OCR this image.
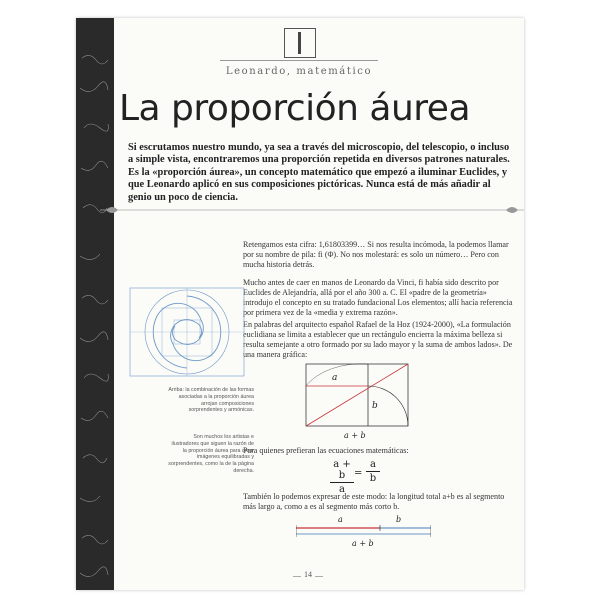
Leonardo, matemático
La proporción áurea
Si escrutamos nuestro mundo, ya sea a través del microscopio, del telescopio, o incluso a simple vista, encontraremos una proporción repetida en diversos patrones naturales. Es la «proporción áurea», un concepto matemático que empezó a iluminar Euclides, y que Leonardo aplicó en sus composiciones pictóricas. Nunca está de más añadir al genio un poco de ciencia.
Retengamos esta cifra: 1,61803399… Si nos resulta incómoda, la podemos llamar por su nombre de pila: fi (Φ). No nos molestará: es solo un número… Pero con mucha historia detrás.
Mucho antes de caer en manos de Leonardo da Vinci, fi había sido descrito por Euclides de Alejandría, allá por el año 300 a. C. El «padre de la geometría» introdujo el concepto en su tratado fundacional Los elementos; allí hacía referencia por primera vez de la «media y extrema razón».
En palabras del arquitecto español Rafael de la Hoz (1924-2000), «La formulación euclidiana se limita a establecer que un rectángulo encierra la máxima belleza si resulta semejante a otro formado por su lado mayor y la suma de ambos lados». De una manera gráfica:
Para quienes prefieran las ecuaciones matemáticas:
También lo podemos expresar de este modo: la longitud total a+b es al segmento más largo a, como a es al segmento más corto b.
Arriba: la combinación de las formas asociadas a la proporción áurea arrojan composiciones sorprendentes y armónicas.
Son muchos los artistas e ilustradores que siguen la razón de la proporción áurea para crear imágenes equilibradas y sorprendentes, como la de la página derecha.
a
b
a + b
a + b
a
=
a
b
a	b
a + b
14
